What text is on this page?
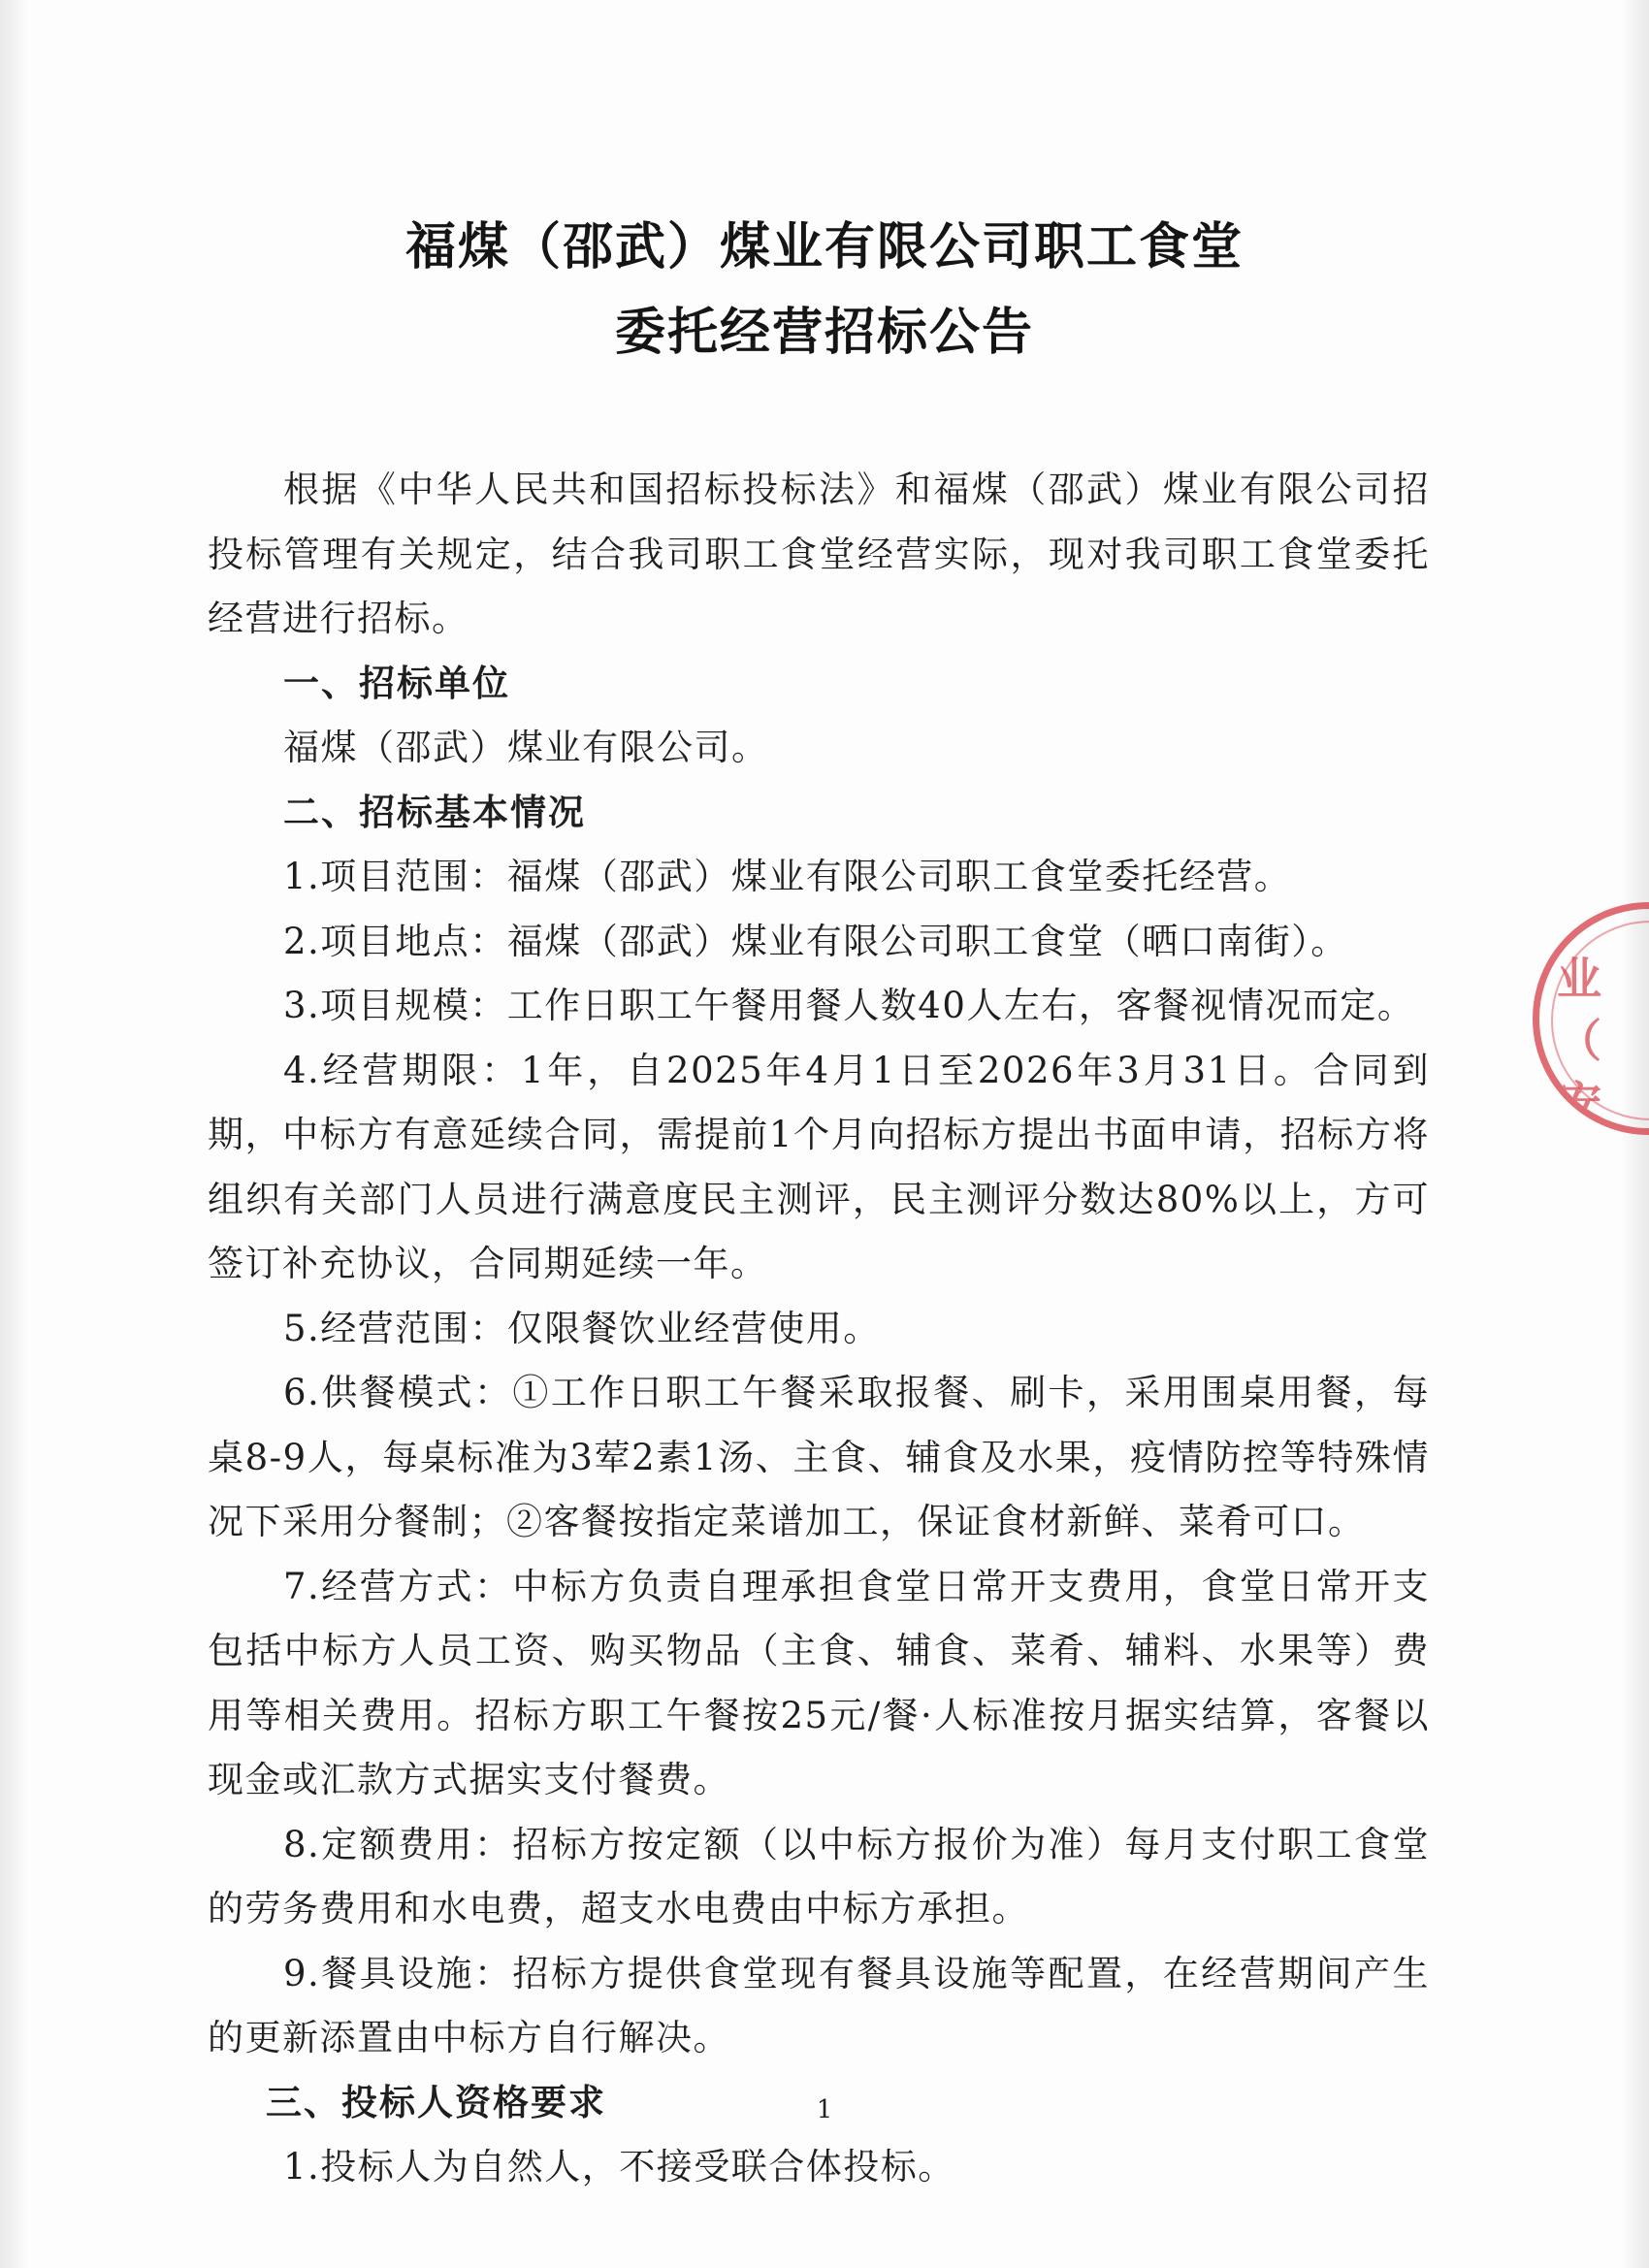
福煤（邵武）煤业有限公司职工食堂
委托经营招标公告

根据《中华人民共和国招标投标法》和福煤（邵武）煤业有限公司招投标管理有关规定，结合我司职工食堂经营实际，现对我司职工食堂委托经营进行招标。

一、招标单位

福煤（邵武）煤业有限公司。

二、招标基本情况

1.项目范围：福煤（邵武）煤业有限公司职工食堂委托经营。

2.项目地点：福煤（邵武）煤业有限公司职工食堂（晒口南街）。

3.项目规模：工作日职工午餐用餐人数40人左右，客餐视情况而定。

4.经营期限：1年，自2025年4月1日至2026年3月31日。合同到期，中标方有意延续合同，需提前1个月向招标方提出书面申请，招标方将组织有关部门人员进行满意度民主测评，民主测评分数达80%以上，方可签订补充协议，合同期延续一年。

5.经营范围：仅限餐饮业经营使用。

6.供餐模式：①工作日职工午餐采取报餐、刷卡，采用围桌用餐，每桌8-9人，每桌标准为3荤2素1汤、主食、辅食及水果，疫情防控等特殊情况下采用分餐制；②客餐按指定菜谱加工，保证食材新鲜、菜肴可口。

7.经营方式：中标方负责自理承担食堂日常开支费用，食堂日常开支包括中标方人员工资、购买物品（主食、辅食、菜肴、辅料、水果等）费用等相关费用。招标方职工午餐按25元/餐·人标准按月据实结算，客餐以现金或汇款方式据实支付餐费。

8.定额费用：招标方按定额（以中标方报价为准）每月支付职工食堂的劳务费用和水电费，超支水电费由中标方承担。

9.餐具设施：招标方提供食堂现有餐具设施等配置，在经营期间产生的更新添置由中标方自行解决。

三、投标人资格要求

1.投标人为自然人，不接受联合体投标。

业
（
安
1
